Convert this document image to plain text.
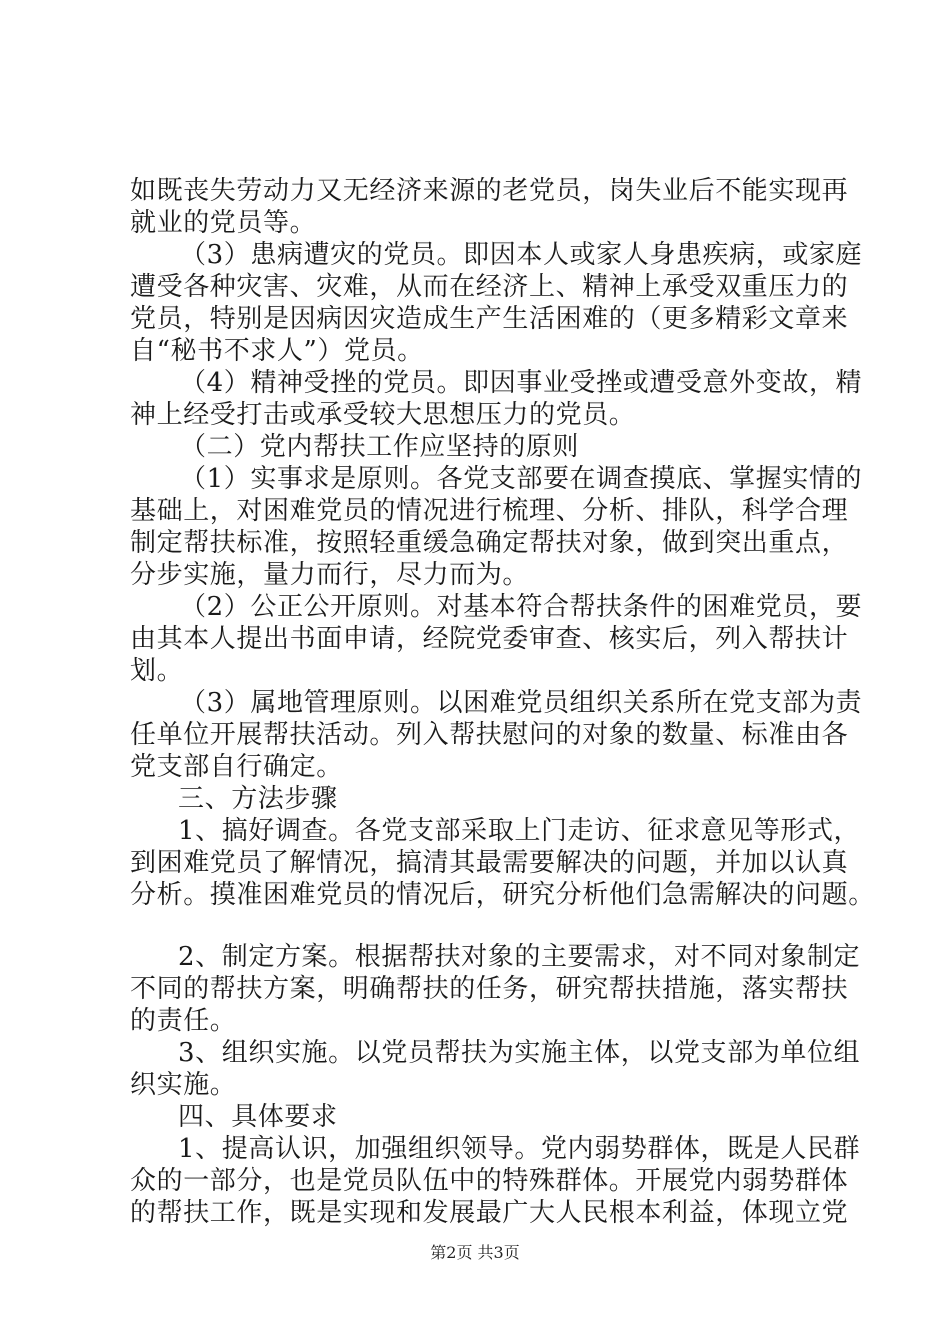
如既丧失劳动力又无经济来源的老党员，岗失业后不能实现再
就业的党员等。
（3）患病遭灾的党员。即因本人或家人身患疾病，或家庭
遭受各种灾害、灾难，从而在经济上、精神上承受双重压力的
党员，特别是因病因灾造成生产生活困难的（更多精彩文章来
自“秘书不求人”）党员。
（4）精神受挫的党员。即因事业受挫或遭受意外变故，精
神上经受打击或承受较大思想压力的党员。
（二）党内帮扶工作应坚持的原则
（1）实事求是原则。各党支部要在调查摸底、掌握实情的
基础上，对困难党员的情况进行梳理、分析、排队，科学合理
制定帮扶标准，按照轻重缓急确定帮扶对象，做到突出重点，
分步实施，量力而行，尽力而为。
（2）公正公开原则。对基本符合帮扶条件的困难党员，要
由其本人提出书面申请，经院党委审查、核实后，列入帮扶计
划。
（3）属地管理原则。以困难党员组织关系所在党支部为责
任单位开展帮扶活动。列入帮扶慰问的对象的数量、标准由各
党支部自行确定。
三、方法步骤
1、搞好调查。各党支部采取上门走访、征求意见等形式，
到困难党员了解情况，搞清其最需要解决的问题，并加以认真
分析。摸准困难党员的情况后，研究分析他们急需解决的问题。
2、制定方案。根据帮扶对象的主要需求，对不同对象制定
不同的帮扶方案，明确帮扶的任务，研究帮扶措施，落实帮扶
的责任。
3、组织实施。以党员帮扶为实施主体，以党支部为单位组
织实施。
四、具体要求
1、提高认识，加强组织领导。党内弱势群体，既是人民群
众的一部分，也是党员队伍中的特殊群体。开展党内弱势群体
的帮扶工作，既是实现和发展最广大人民根本利益，体现立党
第2页 共3页
